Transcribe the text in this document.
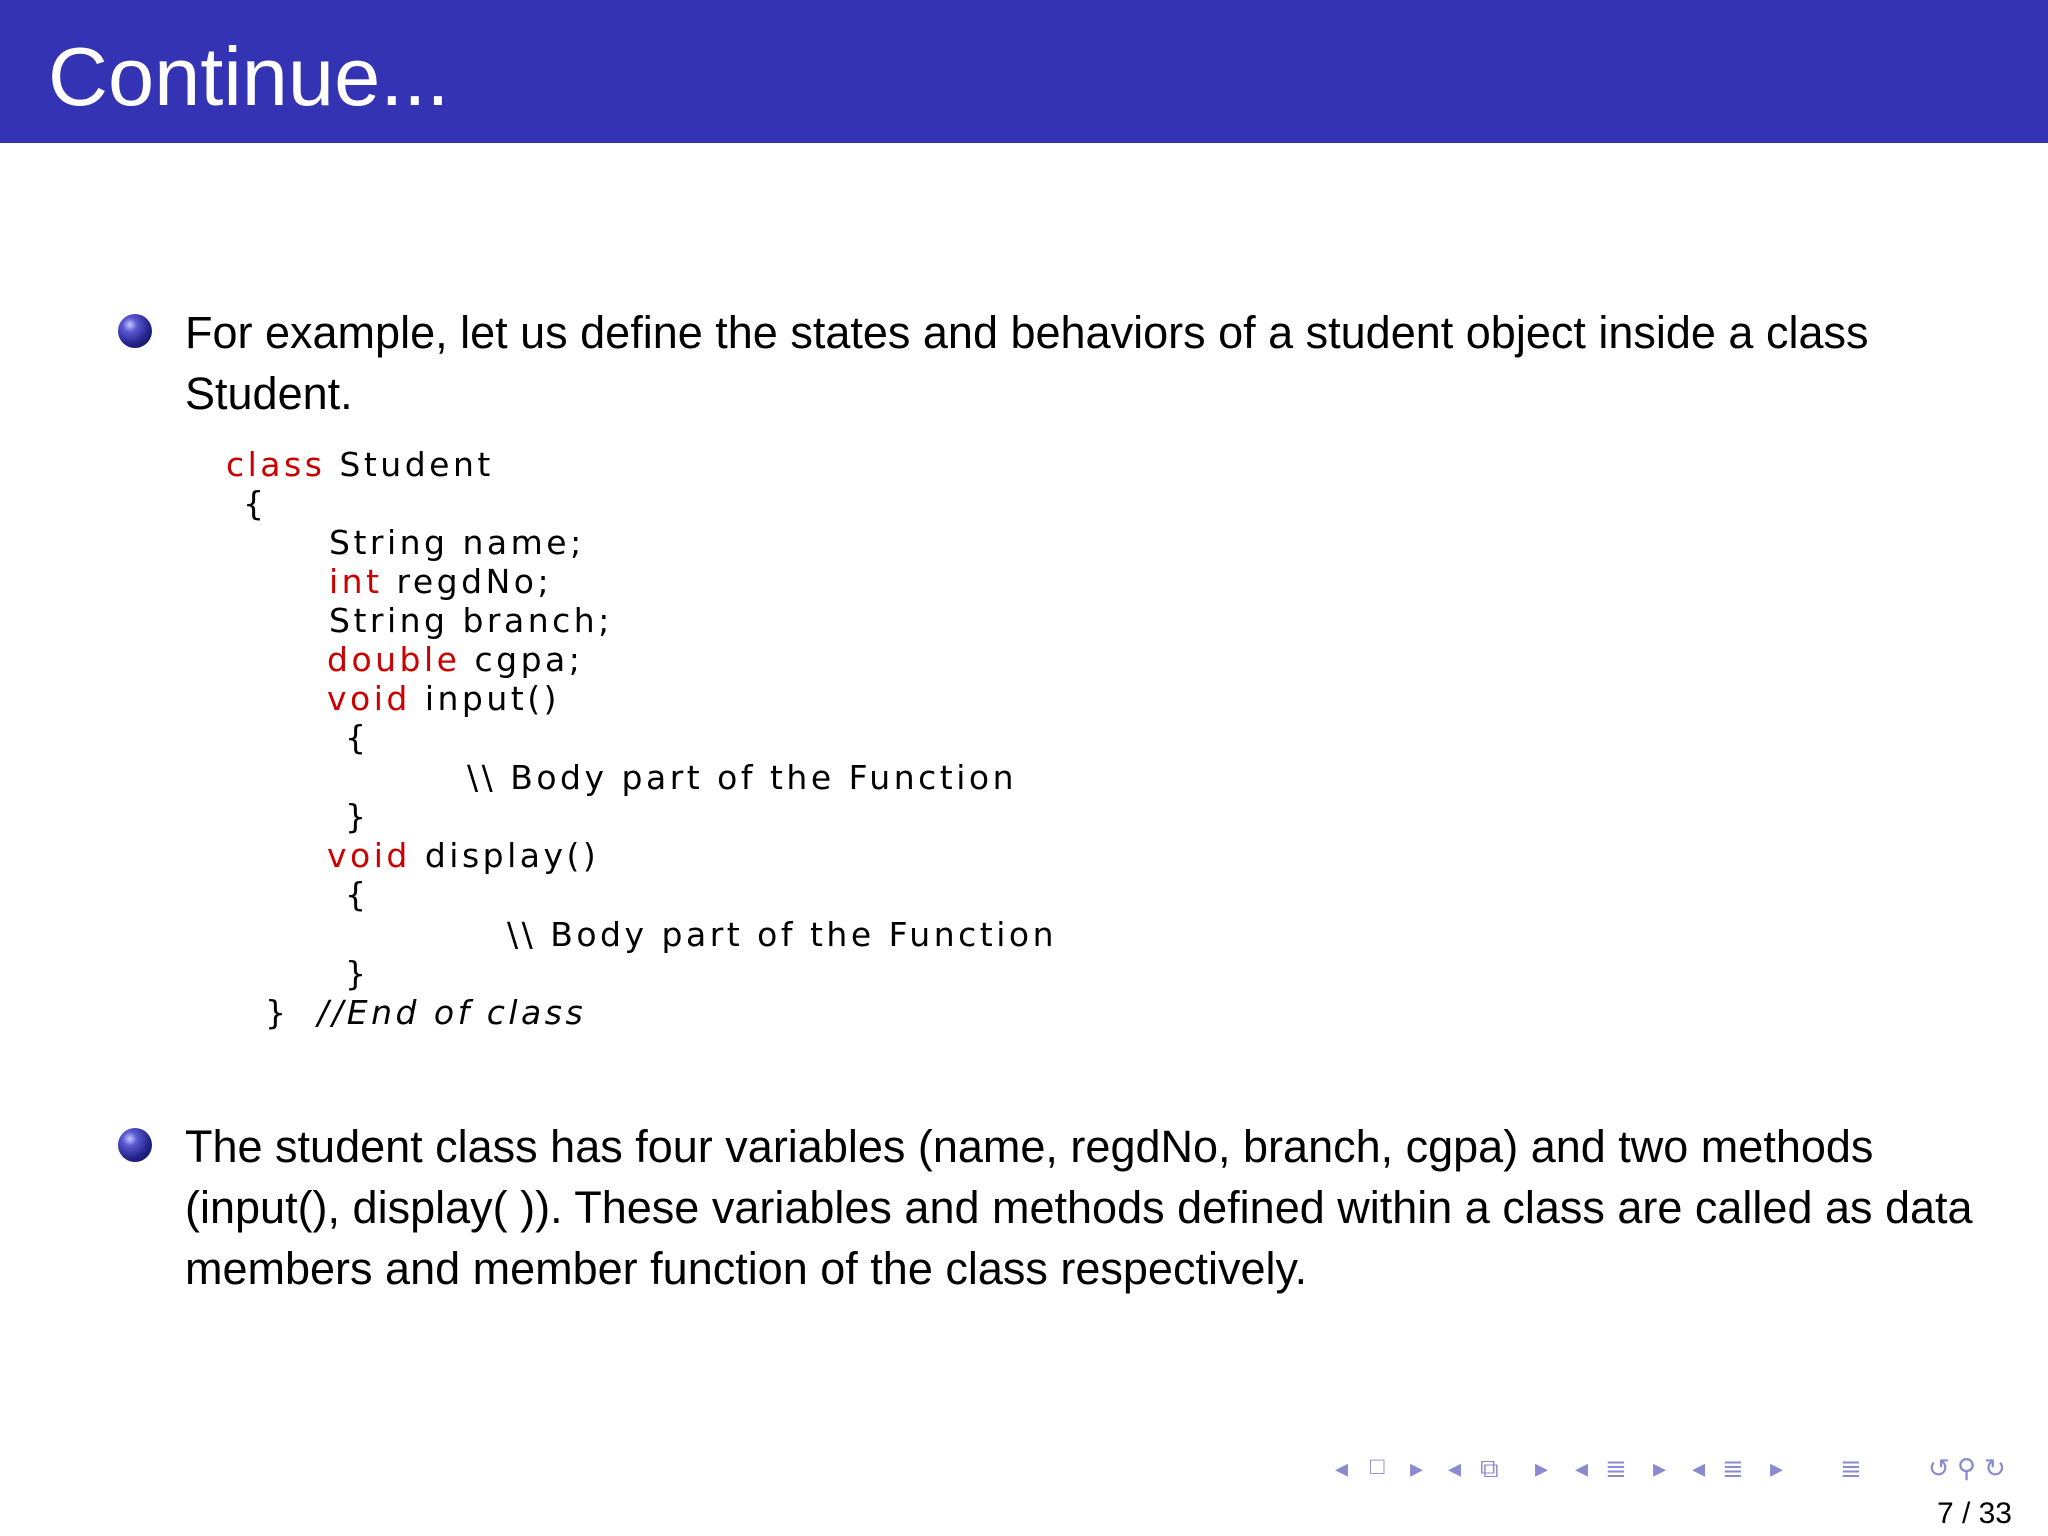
Continue...
For example, let us define the states and behaviors of a student object inside a class
Student.
class Student
{
String name;
int regdNo;
String branch;
double cgpa;
void input()
{
\\ Body part of the Function
}
void display()
{
\\ Body part of the Function
}
} //End of class
The student class has four variables (name, regdNo, branch, cgpa) and two methods
(input(), display( )). These variables and methods defined within a class are called as data
members and member function of the class respectively.
◂ □ ▸ ◂ ⧉ ▸ ◂ ≣ ▸ ◂ ≣ ▸ ≣	↺ ⚲ ↻
7 / 33
